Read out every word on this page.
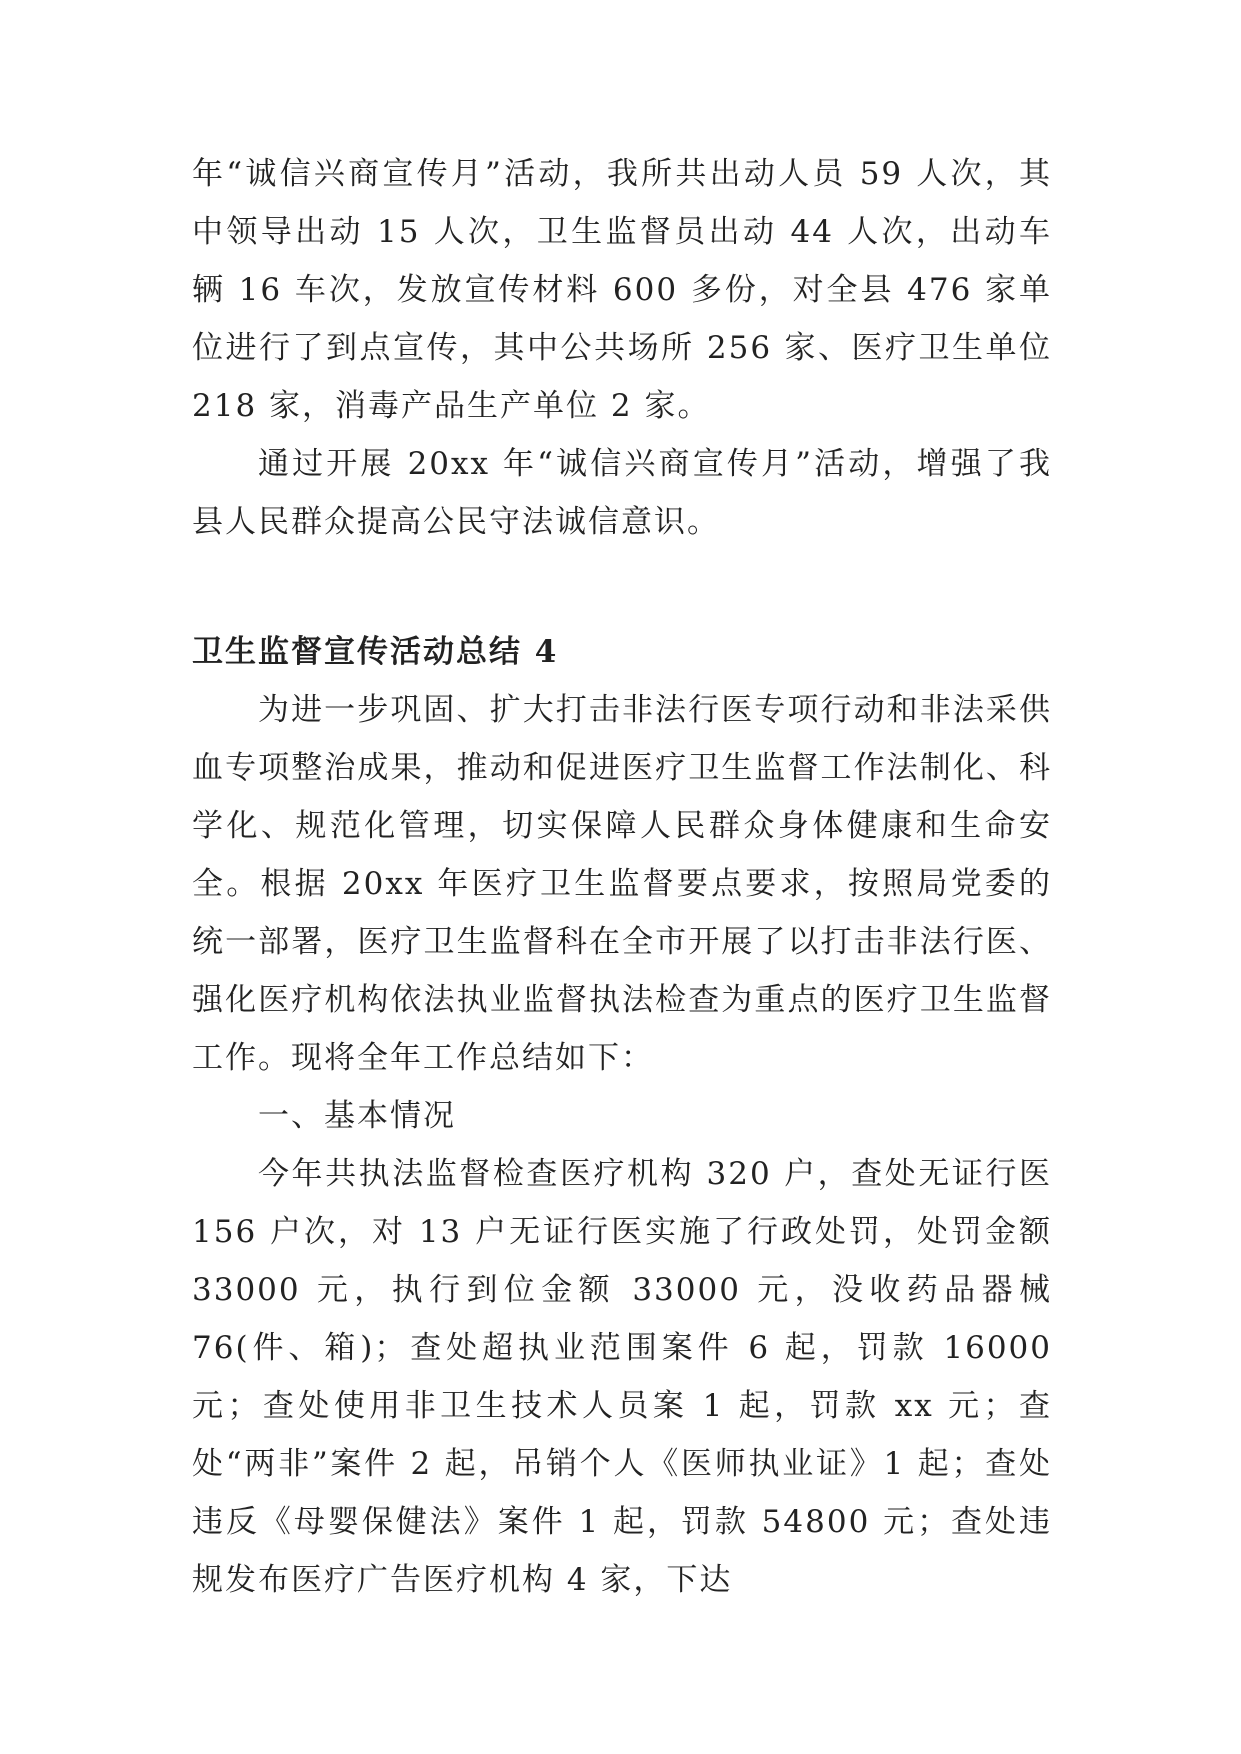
年“诚信兴商宣传月”活动，我所共出动人员 59 人次，其中领导出动 15 人次，卫生监督员出动 44 人次，出动车辆 16 车次，发放宣传材料 600 多份，对全县 476 家单位进行了到点宣传，其中公共场所 256 家、医疗卫生单位 218 家，消毒产品生产单位 2 家。

通过开展 20xx 年“诚信兴商宣传月”活动，增强了我县人民群众提高公民守法诚信意识。

卫生监督宣传活动总结 4

为进一步巩固、扩大打击非法行医专项行动和非法采供血专项整治成果，推动和促进医疗卫生监督工作法制化、科学化、规范化管理，切实保障人民群众身体健康和生命安全。根据 20xx 年医疗卫生监督要点要求，按照局党委的统一部署，医疗卫生监督科在全市开展了以打击非法行医、强化医疗机构依法执业监督执法检查为重点的医疗卫生监督工作。现将全年工作总结如下：

一、基本情况

今年共执法监督检查医疗机构 320 户，查处无证行医 156 户次，对 13 户无证行医实施了行政处罚，处罚金额 33000 元，执行到位金额 33000 元，没收药品器械 76(件、箱)；查处超执业范围案件 6 起，罚款 16000 元；查处使用非卫生技术人员案 1 起，罚款 xx 元；查处“两非”案件 2 起，吊销个人《医师执业证》1 起；查处违反《母婴保健法》案件 1 起，罚款 54800 元；查处违规发布医疗广告医疗机构 4 家，下达
